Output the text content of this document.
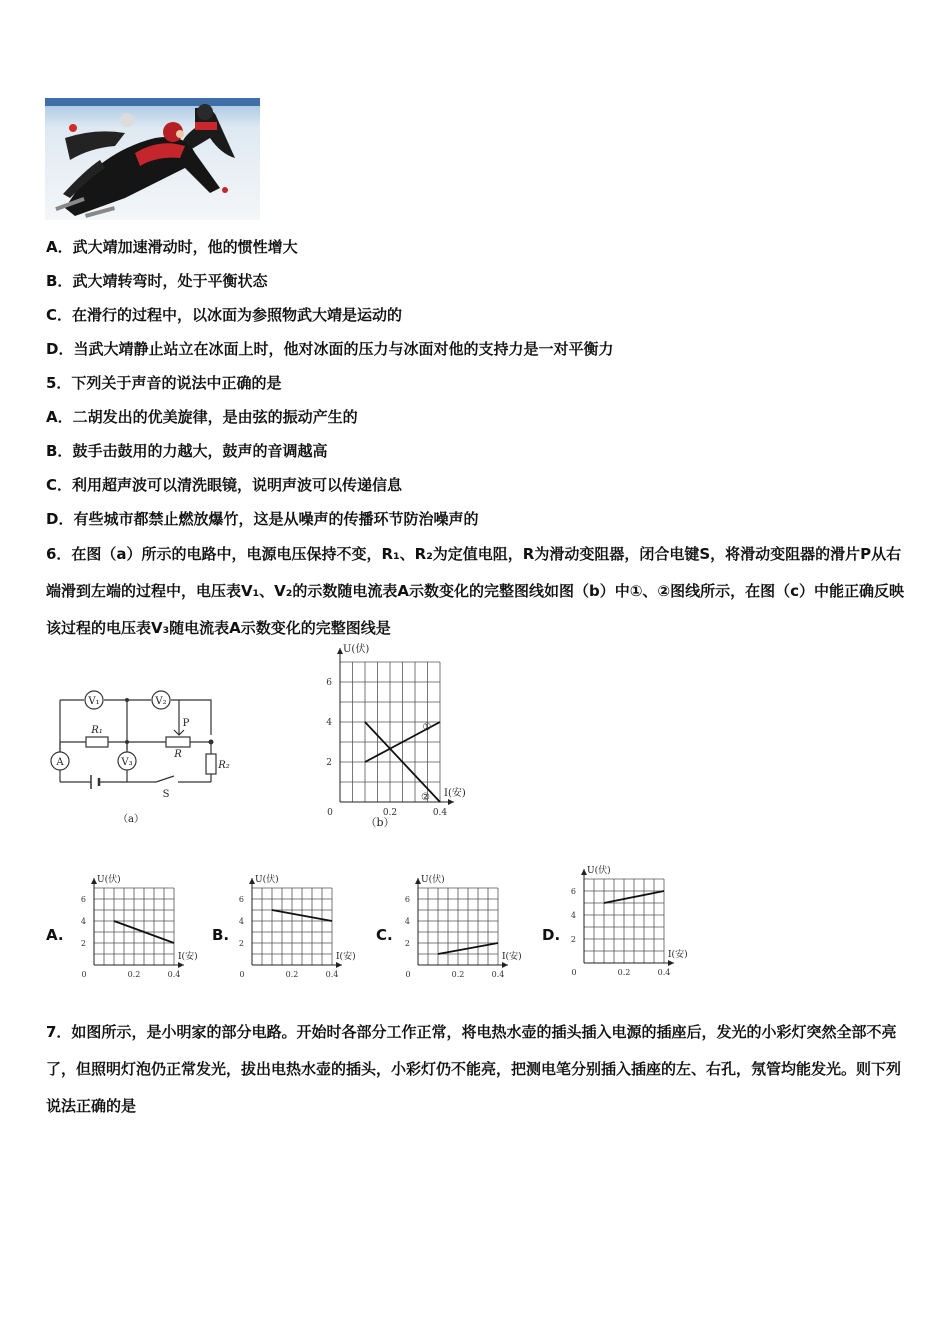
A．武大靖加速滑动时，他的惯性增大
B．武大靖转弯时，处于平衡状态
C．在滑行的过程中，以冰面为参照物武大靖是运动的
D．当武大靖静止站立在冰面上时，他对冰面的压力与冰面对他的支持力是一对平衡力
5．下列关于声音的说法中正确的是
A．二胡发出的优美旋律，是由弦的振动产生的
B．鼓手击鼓用的力越大，鼓声的音调越高
C．利用超声波可以清洗眼镜，说明声波可以传递信息
D．有些城市都禁止燃放爆竹，这是从噪声的传播环节防治噪声的
6．在图（a）所示的电路中，电源电压保持不变，R₁、R₂为定值电阻，R为滑动变阻器，闭合电键S，将滑动变阻器的滑片P从右端滑到左端的过程中，电压表V₁、V₂的示数随电流表A示数变化的完整图线如图（b）中①、②图线所示，在图（c）中能正确反映该过程的电压表V₃随电流表A示数变化的完整图线是
V₁	V₂
A	V₃
R₁
R
R₂
P
S
（a）
6
4
2
0	0.2	0.4
U(伏)
I(安)
①
②
（b）
A.
6
4
2
0	0.2	0.4
U(伏)
I(安)
B.
6
4
2
0	0.2	0.4
U(伏)
I(安)
C.
6
4
2
0	0.2	0.4
U(伏)
I(安)
D.
6
4
2
0	0.2	0.4
U(伏)
I(安)
7．如图所示，是小明家的部分电路。开始时各部分工作正常，将电热水壶的插头插入电源的插座后，发光的小彩灯突然全部不亮了，但照明灯泡仍正常发光，拔出电热水壶的插头，小彩灯仍不能亮，把测电笔分别插入插座的左、右孔，氖管均能发光。则下列说法正确的是
